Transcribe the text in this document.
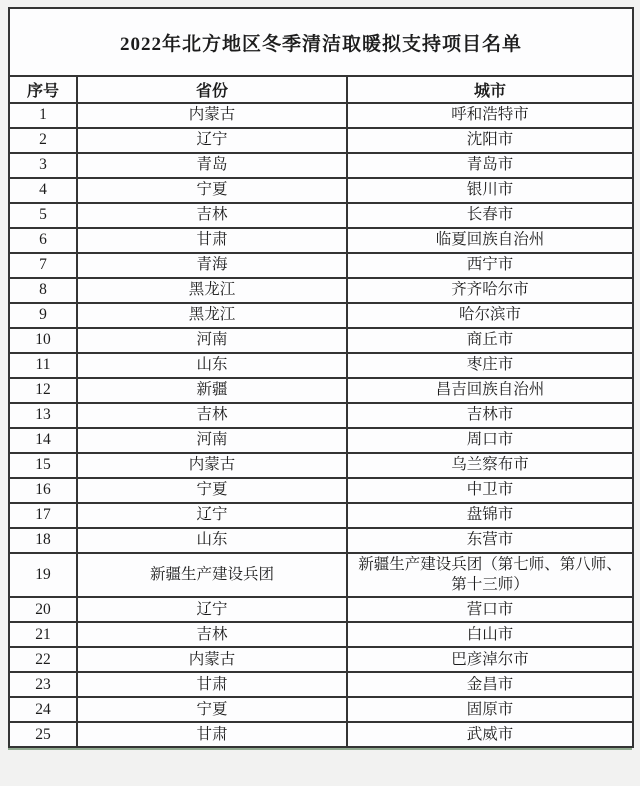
2022年北方地区冬季清洁取暖拟支持项目名单		
序号	省份	城市
1	内蒙古	呼和浩特市
2	辽宁	沈阳市
3	青岛	青岛市
4	宁夏	银川市
5	吉林	长春市
6	甘肃	临夏回族自治州
7	青海	西宁市
8	黑龙江	齐齐哈尔市
9	黑龙江	哈尔滨市
10	河南	商丘市
11	山东	枣庄市
12	新疆	昌吉回族自治州
13	吉林	吉林市
14	河南	周口市
15	内蒙古	乌兰察布市
16	宁夏	中卫市
17	辽宁	盘锦市
18	山东	东营市
19	新疆生产建设兵团	新疆生产建设兵团（第七师、第八师、第十三师）
20	辽宁	营口市
21	吉林	白山市
22	内蒙古	巴彦淖尔市
23	甘肃	金昌市
24	宁夏	固原市
25	甘肃	武威市
